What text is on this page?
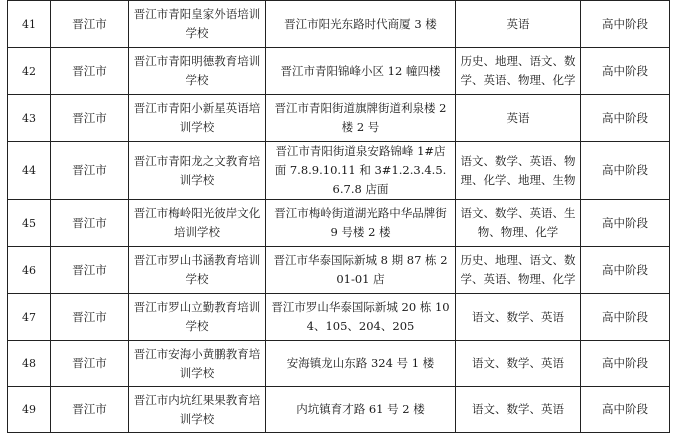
41	晋江市	晋江市青阳皇家外语培训学校	晋江市阳光东路时代商厦 3 楼	英语	高中阶段
42	晋江市	晋江市青阳明德教育培训学校	晋江市青阳锦峰小区 12 幢四楼	历史、地理、语文、数学、英语、物理、化学	高中阶段
43	晋江市	晋江市青阳小新星英语培训学校	晋江市青阳街道旗牌街道利泉楼 2 楼 2 号	英语	高中阶段
44	晋江市	晋江市青阳龙之文教育培训学校	晋江市青阳街道泉安路锦峰 1#店面 7.8.9.10.11 和 3#1.2.3.4.5.6.7.8 店面	语文、数学、英语、物理、化学、地理、生物	高中阶段
45	晋江市	晋江市梅岭阳光彼岸文化培训学校	晋江市梅岭街道湖光路中华品牌街 9 号楼 2 楼	语文、数学、英语、生物、物理、化学	高中阶段
46	晋江市	晋江市罗山书涵教育培训学校	晋江市华泰国际新城 8 期 87 栋 201-01 店	历史、地理、语文、数学、英语、物理、化学	高中阶段
47	晋江市	晋江市罗山立勤教育培训学校	晋江市罗山华泰国际新城 20 栋 104、105、204、205	语文、数学、英语	高中阶段
48	晋江市	晋江市安海小黄鹏教育培训学校	安海镇龙山东路 324 号 1 楼	语文、数学、英语	高中阶段
49	晋江市	晋江市内坑红果果教育培训学校	内坑镇育才路 61 号 2 楼	语文、数学、英语	高中阶段
